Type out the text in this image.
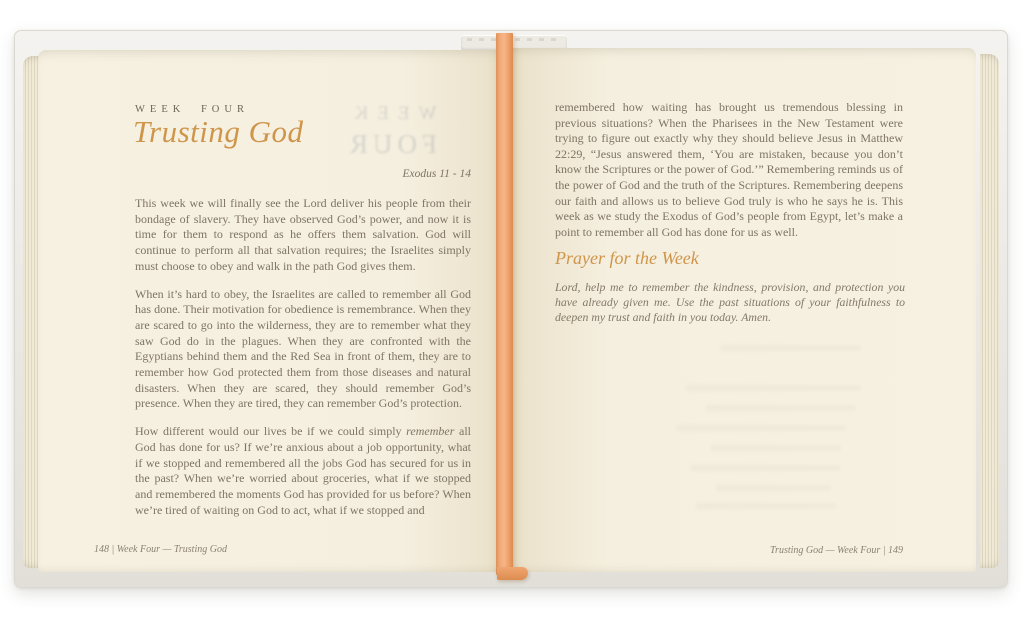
WEEK
FOUR
WEEK FOUR
Trusting God
Exodus 11 - 14

This week we will finally see the Lord deliver his people from their bondage of slavery. They have observed God’s power, and now it is time for them to respond as he offers them salvation. God will continue to perform all that salvation requires; the Israelites simply must choose to obey and walk in the path God gives them.

When it’s hard to obey, the Israelites are called to remember all God has done. Their motivation for obedience is remembrance. When they are scared to go into the wilderness, they are to remember what they saw God do in the plagues. When they are confronted with the Egyptians behind them and the Red Sea in front of them, they are to remember how God protected them from those diseases and natural disasters. When they are scared, they should remember God’s presence. When they are tired, they can remember God’s protection.

How different would our lives be if we could simply remember all God has done for us? If we’re anxious about a job opportunity, what if we stopped and remembered all the jobs God has secured for us in the past? When we’re worried about groceries, what if we stopped and remembered the moments God has provided for us before? When we’re tired of waiting on God to act, what if we stopped and

148 | Week Four — Trusting God

remembered how waiting has brought us tremendous blessing in previous situations? When the Pharisees in the New Testament were trying to figure out exactly why they should believe Jesus in Matthew 22:29, “Jesus answered them, ‘You are mistaken, because you don’t know the Scriptures or the power of God.’” Remembering reminds us of the power of God and the truth of the Scriptures. Remembering deepens our faith and allows us to believe God truly is who he says he is. This week as we study the Exodus of God’s people from Egypt, let’s make a point to remember all God has done for us as well.

Prayer for the Week

Lord, help me to remember the kindness, provision, and protection you have already given me. Use the past situations of your faithfulness to deepen my trust and faith in you today. Amen.

Trusting God — Week Four | 149
